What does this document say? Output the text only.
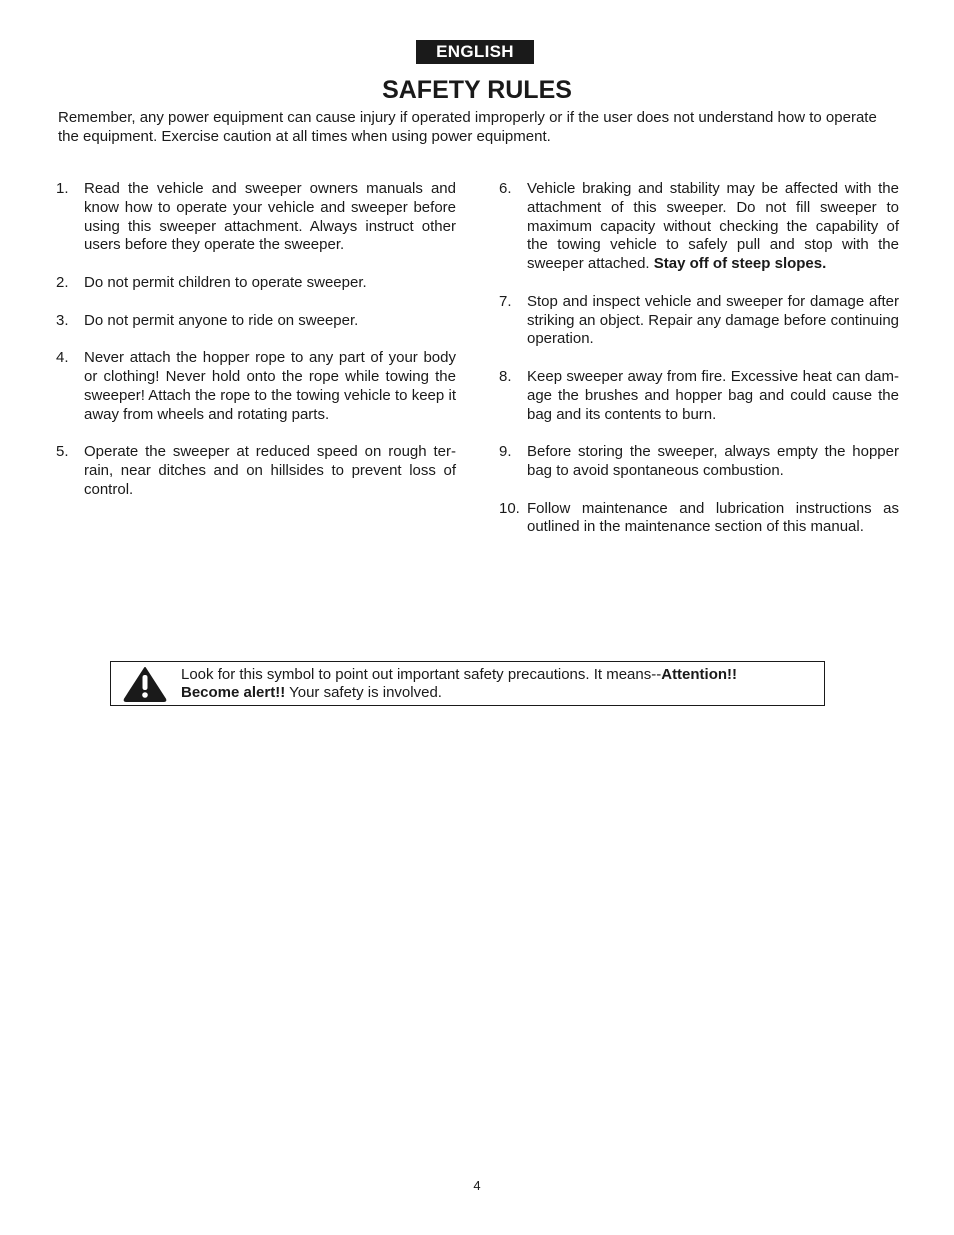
ENGLISH
SAFETY RULES

Remember, any power equipment can cause injury if operated improperly or if the user does not understand how to operate the equipment. Exercise caution at all times when using power equipment.

1.	Read the vehicle and sweeper owners manuals and know how to operate your vehicle and sweeper before using this sweeper attachment. Always instruct other users before they operate the sweeper.
2.	Do not permit children to operate sweeper.
3.	Do not permit anyone to ride on sweeper.
4.	Never attach the hopper rope to any part of your body or clothing! Never hold onto the rope while towing the sweeper! Attach the rope to the towing vehicle to keep it away from wheels and rotating parts.
5.	Operate the sweeper at reduced speed on rough ter-rain, near ditches and on hillsides to prevent loss of control.
6.	Vehicle braking and stability may be affected with the attachment of this sweeper. Do not fill sweeper to maximum capacity without checking the capability of the towing vehicle to safely pull and stop with the sweeper attached. Stay off of steep slopes.
7.	Stop and inspect vehicle and sweeper for damage after striking an object. Repair any damage before continuing operation.
8.	Keep sweeper away from fire. Excessive heat can dam-age the brushes and hopper bag and could cause the bag and its contents to burn.
9.	Before storing the sweeper, always empty the hopper bag to avoid spontaneous combustion.
10. Follow maintenance and lubrication instructions as outlined in the maintenance section of this manual.
Look for this symbol to point out important safety precautions. It means--Attention!!
Become alert!! Your safety is involved.
4
